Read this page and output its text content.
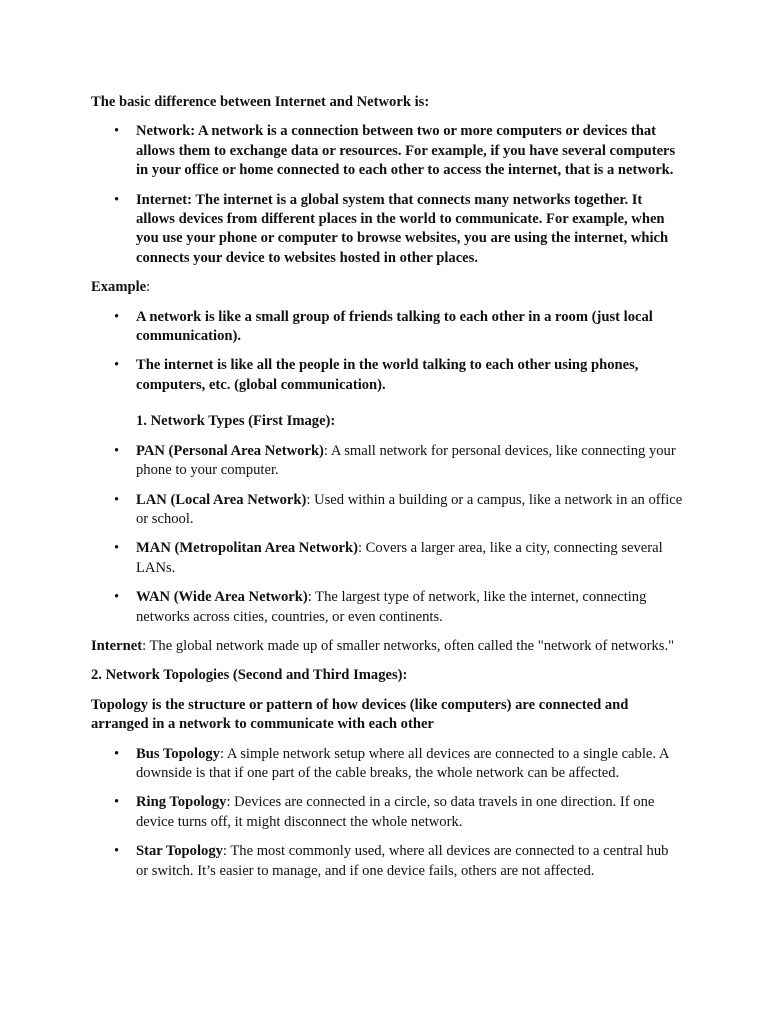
The basic difference between Internet and Network is:

• Network: A network is a connection between two or more computers or devices that allows them to exchange data or resources. For example, if you have several computers in your office or home connected to each other to access the internet, that is a network.
• Internet: The internet is a global system that connects many networks together. It allows devices from different places in the world to communicate. For example, when you use your phone or computer to browse websites, you are using the internet, which connects your device to websites hosted in other places.

Example:

• A network is like a small group of friends talking to each other in a room (just local communication).
• The internet is like all the people in the world talking to each other using phones, computers, etc. (global communication).
1. Network Types (First Image):
• PAN (Personal Area Network): A small network for personal devices, like connecting your phone to your computer.
• LAN (Local Area Network): Used within a building or a campus, like a network in an office or school.
• MAN (Metropolitan Area Network): Covers a larger area, like a city, connecting several LANs.
• WAN (Wide Area Network): The largest type of network, like the internet, connecting networks across cities, countries, or even continents.

Internet: The global network made up of smaller networks, often called the "network of networks."

2. Network Topologies (Second and Third Images):

Topology is the structure or pattern of how devices (like computers) are connected and arranged in a network to communicate with each other

• Bus Topology: A simple network setup where all devices are connected to a single cable. A downside is that if one part of the cable breaks, the whole network can be affected.
• Ring Topology: Devices are connected in a circle, so data travels in one direction. If one device turns off, it might disconnect the whole network.
• Star Topology: The most commonly used, where all devices are connected to a central hub or switch. It’s easier to manage, and if one device fails, others are not affected.
